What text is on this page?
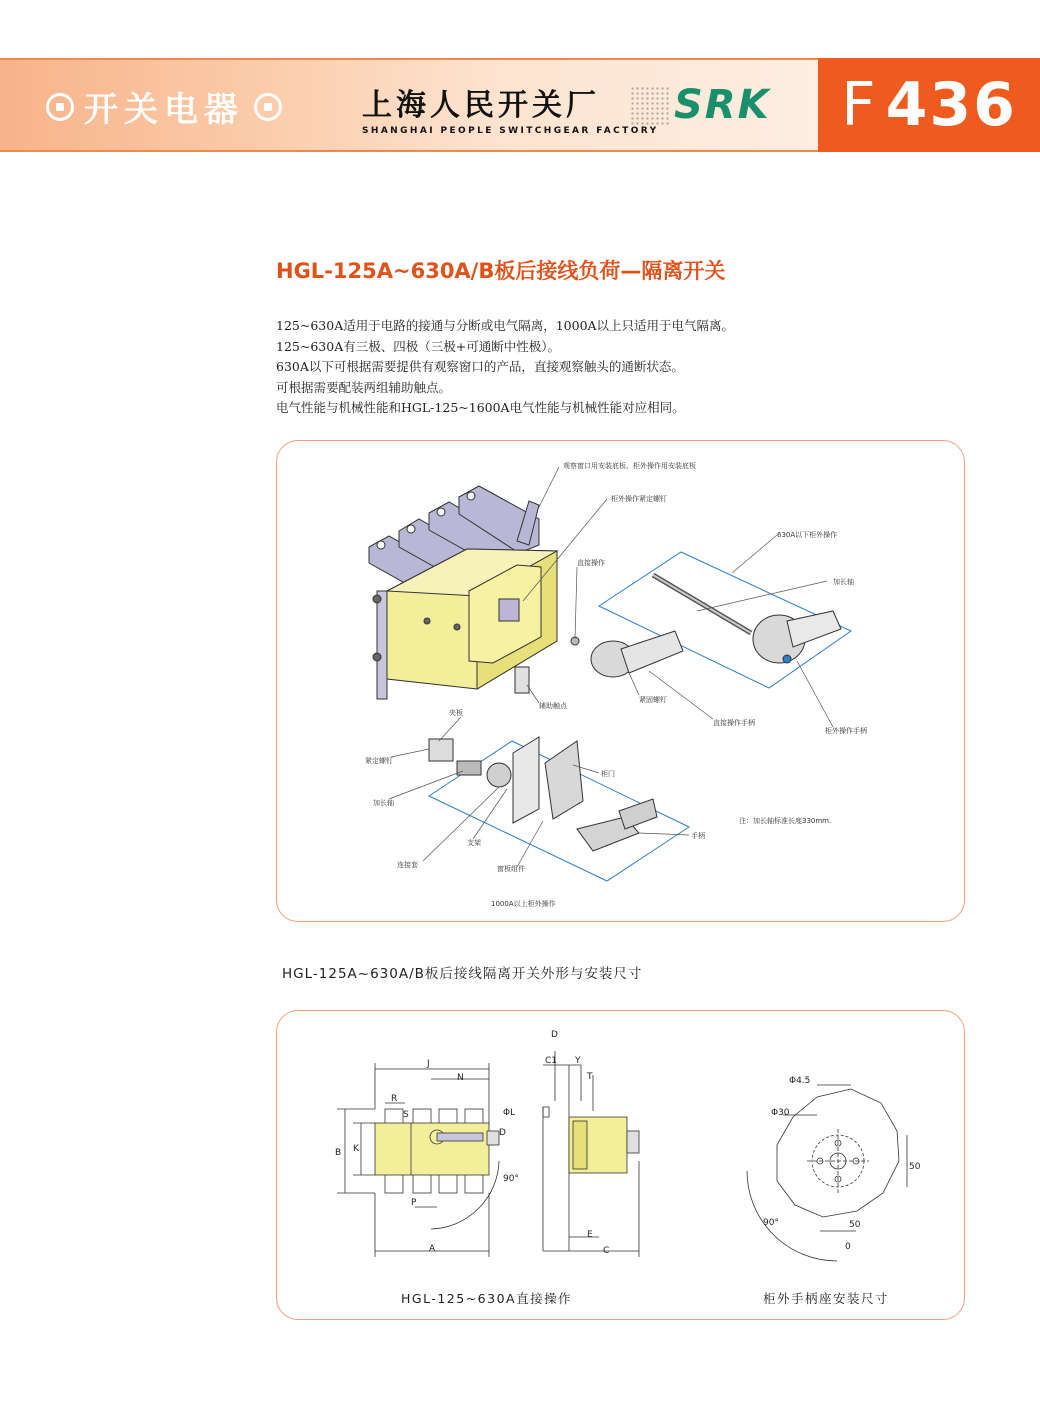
开关电器	上海人民开关厂
SHANGHAI PEOPLE SWITCHGEAR FACTORY
SRK F 436
HGL-125A~630A/B板后接线负荷—隔离开关
125~630A适用于电路的接通与分断或电气隔离，1000A以上只适用于电气隔离。
125~630A有三极、四极（三极+可通断中性极）。
630A以下可根据需要提供有观察窗口的产品，直接观察触头的通断状态。
可根据需要配装两组辅助触点。
电气性能与机械性能和HGL-125~1600A电气性能与机械性能对应相同。
观察窗口用安装底板、柜外操作用安装底板
柜外操作紧定螺钉
630A以下柜外操作
直接操作
加长轴
辅助触点
紧固螺钉
直接操作手柄
柜外操作手柄
夹板
紧定螺钉
柜门
加长轴
注：加长轴标准长度330mm.
手柄
支架
连接套	窗板组件
1000A以上柜外操作
HGL-125A~630A/B板后接线隔离开关外形与安装尺寸
D
C1 Y
T
E
C
J
N
R
S	ΦL
D
B K
P
A
90°
Φ4.5
Φ30
50
50
0
90°
HGL-125~630A直接操作	柜外手柄座安装尺寸
